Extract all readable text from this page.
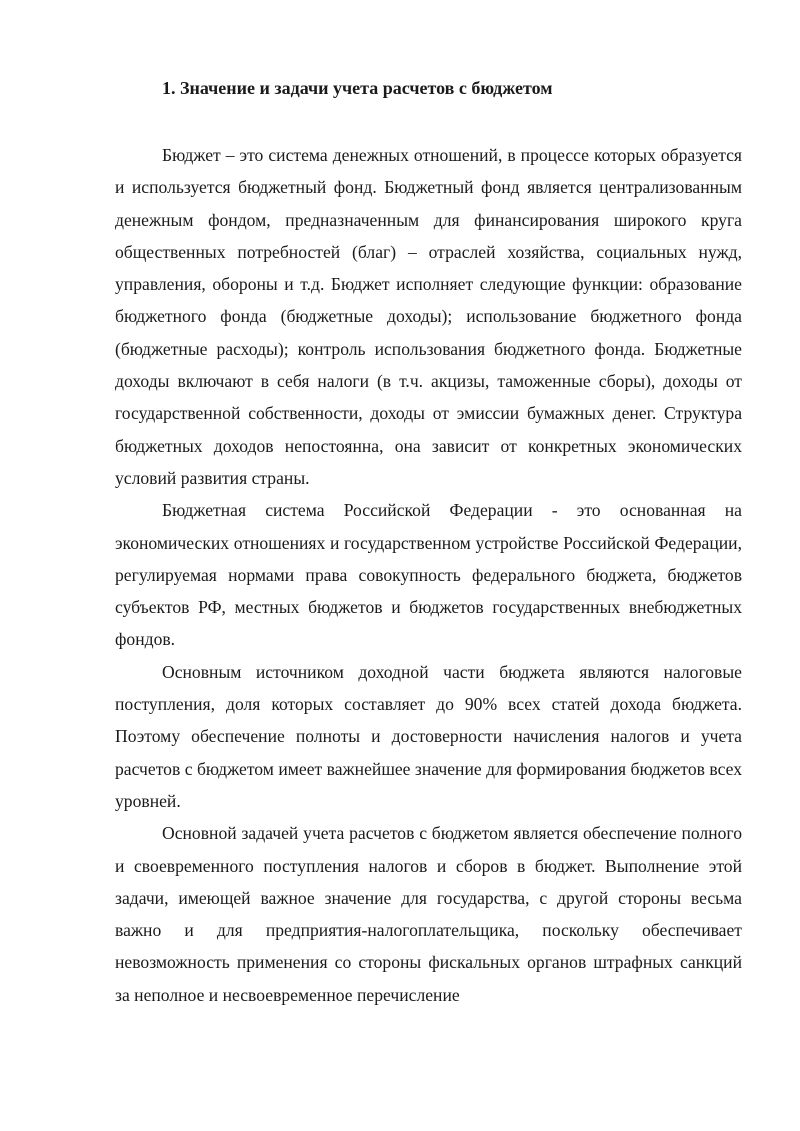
1. Значение и задачи учета расчетов с бюджетом

Бюджет – это система денежных отношений, в процессе которых образуется и используется бюджетный фонд. Бюджетный фонд является централизованным денежным фондом, предназначенным для финансирования широкого круга общественных потребностей (благ) – отраслей хозяйства, социальных нужд, управления, обороны и т.д. Бюджет исполняет следующие функции: образование бюджетного фонда (бюджетные доходы); использование бюджетного фонда (бюджетные расходы); контроль использования бюджетного фонда. Бюджетные доходы включают в себя налоги (в т.ч. акцизы, таможенные сборы), доходы от государственной собственности, доходы от эмиссии бумажных денег. Структура бюджетных доходов непостоянна, она зависит от конкретных экономических условий развития страны.

Бюджетная система Российской Федерации - это основанная на экономических отношениях и государственном устройстве Российской Федерации, регулируемая нормами права совокупность федерального бюджета, бюджетов субъектов РФ, местных бюджетов и бюджетов государственных внебюджетных фондов.

Основным источником доходной части бюджета являются налоговые поступления, доля которых составляет до 90% всех статей дохода бюджета. Поэтому обеспечение полноты и достоверности начисления налогов и учета расчетов с бюджетом имеет важнейшее значение для формирования бюджетов всех уровней.

Основной задачей учета расчетов с бюджетом является обеспечение полного и своевременного поступления налогов и сборов в бюджет. Выполнение этой задачи, имеющей важное значение для государства, с другой стороны весьма важно и для предприятия-налогоплательщика, поскольку обеспечивает невозможность применения со стороны фискальных органов штрафных санкций за неполное и несвоевременное перечисление
